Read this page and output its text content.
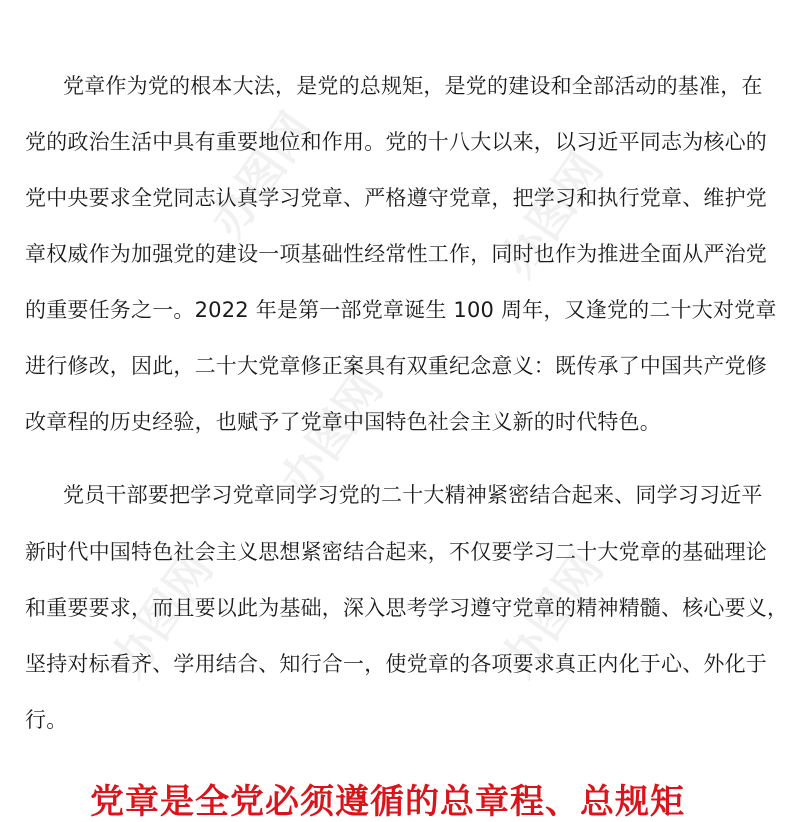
办图网	办图网
办图网
办图网	办图网
党章作为党的根本大法，是党的总规矩，是党的建设和全部活动的基准，在
党的政治生活中具有重要地位和作用。党的十八大以来，以习近平同志为核心的
党中央要求全党同志认真学习党章、严格遵守党章，把学习和执行党章、维护党
章权威作为加强党的建设一项基础性经常性工作，同时也作为推进全面从严治党
的重要任务之一。2022 年是第一部党章诞生 100 周年，又逢党的二十大对党章
进行修改，因此，二十大党章修正案具有双重纪念意义：既传承了中国共产党修
改章程的历史经验，也赋予了党章中国特色社会主义新的时代特色。
党员干部要把学习党章同学习党的二十大精神紧密结合起来、同学习习近平
新时代中国特色社会主义思想紧密结合起来，不仅要学习二十大党章的基础理论
和重要要求，而且要以此为基础，深入思考学习遵守党章的精神精髓、核心要义，
坚持对标看齐、学用结合、知行合一，使党章的各项要求真正内化于心、外化于
行。
党章是全党必须遵循的总章程、总规矩
